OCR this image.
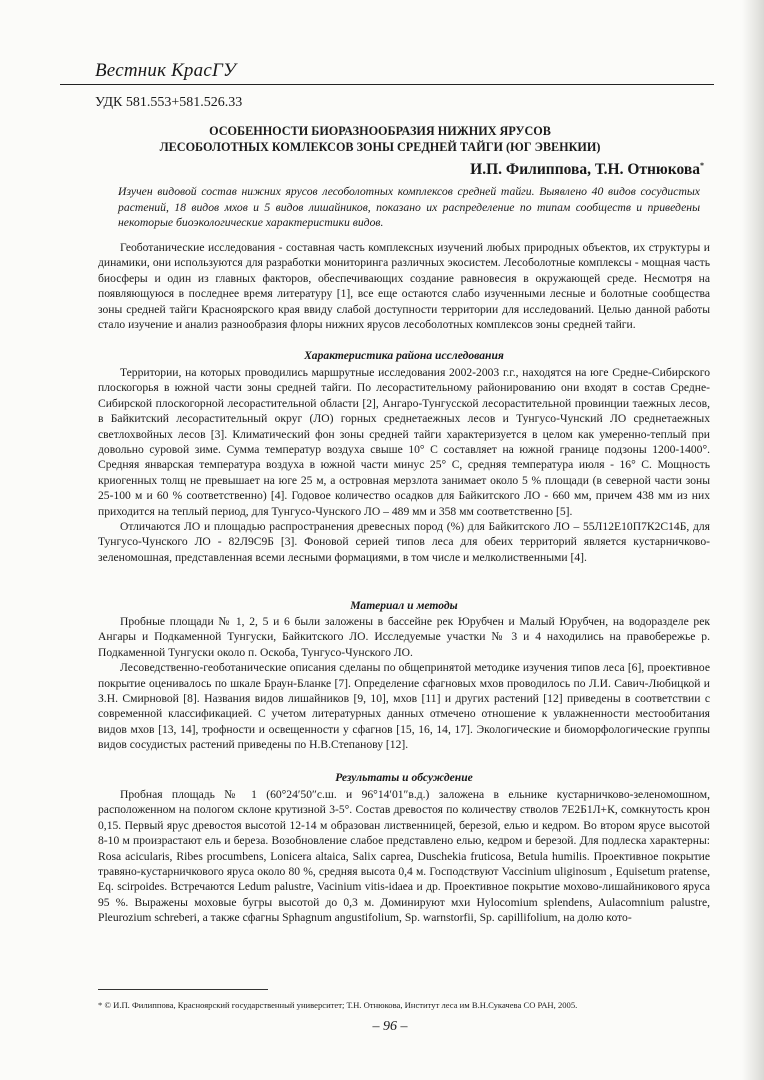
Вестник КрасГУ
УДК 581.553+581.526.33
ОСОБЕННОСТИ БИОРАЗНООБРАЗИЯ НИЖНИХ ЯРУСОВ
ЛЕСОБОЛОТНЫХ КОМЛЕКСОВ ЗОНЫ СРЕДНЕЙ ТАЙГИ (ЮГ ЭВЕНКИИ)
И.П. Филиппова, Т.Н. Отнюкова*
Изучен видовой состав нижних ярусов лесоболотных комплексов средней тайги. Выявлено 40 видов сосудистых растений, 18 видов мхов и 5 видов лишайников, показано их распределение по типам сообществ и приведены некоторые биоэкологические характеристики видов.

Геоботанические исследования - составная часть комплексных изучений любых природных объектов, их структуры и динамики, они используются для разработки мониторинга различных экосистем. Лесоболотные комплексы - мощная часть биосферы и один из главных факторов, обеспечивающих создание равновесия в окружающей среде. Несмотря на появляющуюся в последнее время литературу [1], все еще остаются слабо изученными лесные и болотные сообщества зоны средней тайги Красноярского края ввиду слабой доступности территории для исследований. Целью данной работы стало изучение и анализ разнообразия флоры нижних ярусов лесоболотных комплексов зоны средней тайги.

Характеристика района исследования

Территории, на которых проводились маршрутные исследования 2002-2003 г.г., находятся на юге Средне-Сибирского плоскогорья в южной части зоны средней тайги. По лесорастительному районированию они входят в состав Средне-Сибирской плоскогорной лесорастительной области [2], Ангаро-Тунгусской лесорастительной провинции таежных лесов, в Байкитский лесорастительный округ (ЛО) горных среднетаежных лесов и Тунгусо-Чунский ЛО среднетаежных светлохвойных лесов [3]. Климатический фон зоны средней тайги характеризуется в целом как умеренно-теплый при довольно суровой зиме. Сумма температур воздуха свыше 10° С составляет на южной границе подзоны 1200-1400°. Средняя январская температура воздуха в южной части минус 25° С, средняя температура июля - 16° С. Мощность криогенных толщ не превышает на юге 25 м, а островная мерзлота занимает около 5 % площади (в северной части зоны 25-100 м и 60 % соответственно) [4]. Годовое количество осадков для Байкитского ЛО - 660 мм, причем 438 мм из них приходится на теплый период, для Тунгусо-Чунского ЛО – 489 мм и 358 мм соответственно [5].

Отличаются ЛО и площадью распространения древесных пород (%) для Байкитского ЛО – 55Л12Е10П7К2С14Б, для Тунгусо-Чунского ЛО - 82Л9С9Б [3]. Фоновой серией типов леса для обеих территорий является кустарничково-зеленомошная, представленная всеми лесными формациями, в том числе и мелколиственными [4].

Материал и методы

Пробные площади № 1, 2, 5 и 6 были заложены в бассейне рек Юрубчен и Малый Юрубчен, на водоразделе рек Ангары и Подкаменной Тунгуски, Байкитского ЛО. Исследуемые участки № 3 и 4 находились на правобережье р. Подкаменной Тунгуски около п. Оскоба, Тунгусо-Чунского ЛО.

Лесоведственно-геоботанические описания сделаны по общепринятой методике изучения типов леса [6], проективное покрытие оценивалось по шкале Браун-Бланке [7]. Определение сфагновых мхов проводилось по Л.И. Савич-Любицкой и З.Н. Смирновой [8]. Названия видов лишайников [9, 10], мхов [11] и других растений [12] приведены в соответствии с современной классификацией. С учетом литературных данных отмечено отношение к увлажненности местообитания видов мхов [13, 14], трофности и освещенности у сфагнов [15, 16, 14, 17]. Экологические и биоморфологические группы видов сосудистых растений приведены по Н.В.Степанову [12].

Результаты и обсуждение

Пробная площадь № 1 (60°24′50″с.ш. и 96°14′01″в.д.) заложена в ельнике кустарничково-зеленомошном, расположенном на пологом склоне крутизной 3-5°. Состав древостоя по количеству стволов 7Е2Б1Л+К, сомкнутость крон 0,15. Первый ярус древостоя высотой 12-14 м образован лиственницей, березой, елью и кедром. Во втором ярусе высотой 8-10 м произрастают ель и береза. Возобновление слабое представлено елью, кедром и березой. Для подлеска характерны: Rosa acicularis, Ribes procumbens, Lonicera altaica, Salix caprea, Duschekia fruticosa, Betula humilis. Проективное покрытие травяно-кустарничкового яруса около 80 %, средняя высота 0,4 м. Господствуют Vaccinium uliginosum , Equisetum pratense, Eq. scirpoides. Встречаются Ledum palustre, Vacinium vitis-idaea и др. Проективное покрытие мохово-лишайникового яруса 95 %. Выражены моховые бугры высотой до 0,3 м. Доминируют мхи Hylocomium splendens, Aulacomnium palustre, Pleurozium schreberi, а также сфагны Sphagnum angustifolium, Sp. warnstorfii, Sp. capillifolium, на долю кото-

* © И.П. Филиппова, Красноярский государственный университет; Т.Н. Отнюкова, Институт леса им В.Н.Сукачева СО РАН, 2005.
– 96 –
